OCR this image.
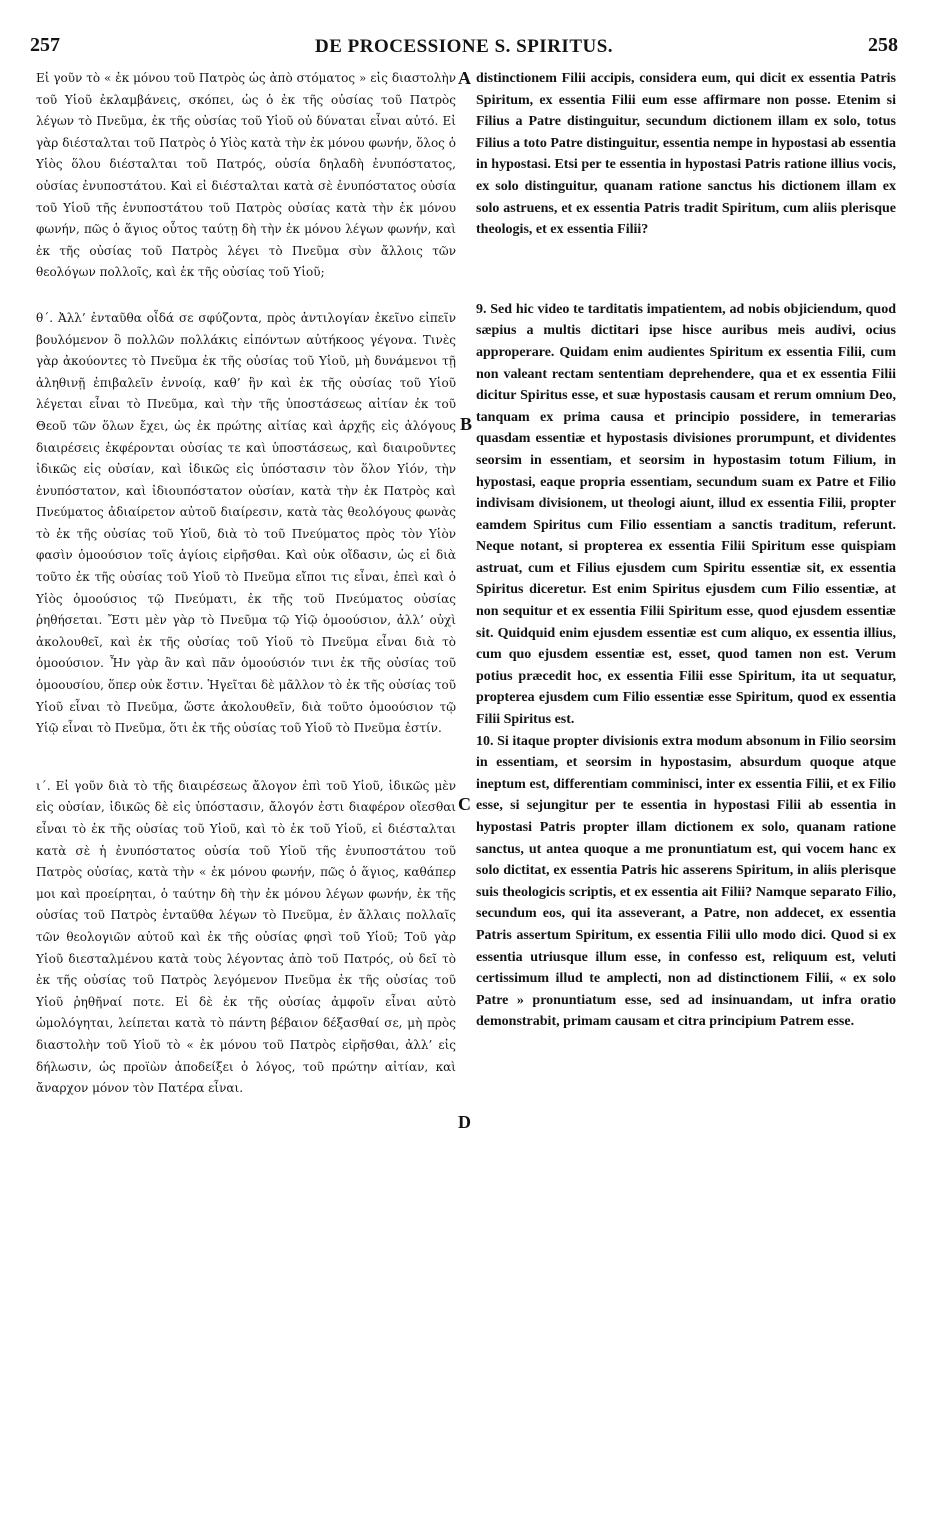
257	DE PROCESSIONE S. SPIRITUS.	258

Εἰ γοῦν τὸ « ἐκ μόνου τοῦ Πατρὸς ὡς ἀπὸ στόματος » εἰς διαστολὴν τοῦ Υἱοῦ ἐκλαμβάνεις, σκόπει, ὡς ὁ ἐκ τῆς οὐσίας τοῦ Πατρὸς λέγων τὸ Πνεῦμα, ἐκ τῆς οὐσίας τοῦ Υἱοῦ οὐ δύναται εἶναι αὐτό. Εἰ γὰρ διέσταλται τοῦ Πατρὸς ὁ Υἱὸς κατὰ τὴν ἐκ μόνου φωνήν, ὅλος ὁ Υἱὸς ὅλου διέσταλται τοῦ Πατρός, οὐσία δηλαδὴ ἐνυπόστατος, οὐσίας ἐνυποστάτου. Καὶ εἰ διέσταλται κατὰ σὲ ἐνυπόστατος οὐσία τοῦ Υἱοῦ τῆς ἐνυποστάτου τοῦ Πατρὸς οὐσίας κατὰ τὴν ἐκ μόνου φωνήν, πῶς ὁ ἅγιος οὗτος ταύτῃ δὴ τὴν ἐκ μόνου λέγων φωνήν, καὶ ἐκ τῆς οὐσίας τοῦ Πατρὸς λέγει τὸ Πνεῦμα σὺν ἄλλοις τῶν θεολόγων πολλοῖς, καὶ ἐκ τῆς οὐσίας τοῦ Υἱοῦ;

θ΄. Ἀλλ’ ἐνταῦθα οἶδά σε σφύζοντα, πρὸς ἀντιλογίαν ἐκεῖνο εἰπεῖν βουλόμενον ὃ πολλῶν πολλάκις εἰπόντων αὐτήκοος γέγονα. Τινὲς γὰρ ἀκούοντες τὸ Πνεῦμα ἐκ τῆς οὐσίας τοῦ Υἱοῦ, μὴ δυνάμενοι τῇ ἀληθινῇ ἐπιβαλεῖν ἐννοίᾳ, καθ’ ἣν καὶ ἐκ τῆς οὐσίας τοῦ Υἱοῦ λέγεται εἶναι τὸ Πνεῦμα, καὶ τὴν τῆς ὑποστάσεως αἰτίαν ἐκ τοῦ Θεοῦ τῶν ὅλων ἔχει, ὡς ἐκ πρώτης αἰτίας καὶ ἀρχῆς εἰς ἀλόγους διαιρέσεις ἐκφέρονται οὐσίας τε καὶ ὑποστάσεως, καὶ διαιροῦντες ἰδικῶς εἰς οὐσίαν, καὶ ἰδικῶς εἰς ὑπόστασιν τὸν ὅλον Υἱόν, τὴν ἐνυπόστατον, καὶ ἰδιουπόστατον οὐσίαν, κατὰ τὴν ἐκ Πατρὸς καὶ Πνεύματος ἀδιαίρετον αὐτοῦ διαίρεσιν, κατὰ τὰς θεολόγους φωνὰς τὸ ἐκ τῆς οὐσίας τοῦ Υἱοῦ, διὰ τὸ τοῦ Πνεύματος πρὸς τὸν Υἱὸν φασὶν ὁμοούσιον τοῖς ἁγίοις εἰρῆσθαι. Καὶ οὐκ οἴδασιν, ὡς εἰ διὰ τοῦτο ἐκ τῆς οὐσίας τοῦ Υἱοῦ τὸ Πνεῦμα εἴποι τις εἶναι, ἐπεὶ καὶ ὁ Υἱὸς ὁμοούσιος τῷ Πνεύματι, ἐκ τῆς τοῦ Πνεύματος οὐσίας ῥηθήσεται. Ἔστι μὲν γὰρ τὸ Πνεῦμα τῷ Υἱῷ ὁμοούσιον, ἀλλ’ οὐχὶ ἀκολουθεῖ, καὶ ἐκ τῆς οὐσίας τοῦ Υἱοῦ τὸ Πνεῦμα εἶναι διὰ τὸ ὁμοούσιον. Ἦν γὰρ ἂν καὶ πᾶν ὁμοούσιόν τινι ἐκ τῆς οὐσίας τοῦ ὁμοουσίου, ὅπερ οὐκ ἔστιν. Ἡγεῖται δὲ μᾶλλον τὸ ἐκ τῆς οὐσίας τοῦ Υἱοῦ εἶναι τὸ Πνεῦμα, ὥστε ἀκολουθεῖν, διὰ τοῦτο ὁμοούσιον τῷ Υἱῷ εἶναι τὸ Πνεῦμα, ὅτι ἐκ τῆς οὐσίας τοῦ Υἱοῦ τὸ Πνεῦμα ἐστίν.

ι΄. Εἰ γοῦν διὰ τὸ τῆς διαιρέσεως ἄλογον ἐπὶ τοῦ Υἱοῦ, ἰδικῶς μὲν εἰς οὐσίαν, ἰδικῶς δὲ εἰς ὑπόστασιν, ἄλογόν ἐστι διαφέρον οἴεσθαι εἶναι τὸ ἐκ τῆς οὐσίας τοῦ Υἱοῦ, καὶ τὸ ἐκ τοῦ Υἱοῦ, εἰ διέσταλται κατὰ σὲ ἡ ἐνυπόστατος οὐσία τοῦ Υἱοῦ τῆς ἐνυποστάτου τοῦ Πατρὸς οὐσίας, κατὰ τὴν « ἐκ μόνου φωνήν, πῶς ὁ ἅγιος, καθάπερ μοι καὶ προείρηται, ὁ ταύτην δὴ τὴν ἐκ μόνου λέγων φωνήν, ἐκ τῆς οὐσίας τοῦ Πατρὸς ἐνταῦθα λέγων τὸ Πνεῦμα, ἐν ἄλλαις πολλαῖς τῶν θεολογιῶν αὐτοῦ καὶ ἐκ τῆς οὐσίας φησὶ τοῦ Υἱοῦ; Τοῦ γὰρ Υἱοῦ διεσταλμένου κατὰ τοὺς λέγοντας ἀπὸ τοῦ Πατρός, οὐ δεῖ τὸ ἐκ τῆς οὐσίας τοῦ Πατρὸς λεγόμενον Πνεῦμα ἐκ τῆς οὐσίας τοῦ Υἱοῦ ῥηθῆναί ποτε. Εἰ δὲ ἐκ τῆς οὐσίας ἀμφοῖν εἶναι αὐτὸ ὡμολόγηται, λείπεται κατὰ τὸ πάντη βέβαιον δέξασθαί σε, μὴ πρὸς διαστολὴν τοῦ Υἱοῦ τὸ « ἐκ μόνου τοῦ Πατρὸς εἰρῆσθαι, ἀλλ’ εἰς δήλωσιν, ὡς προϊὼν ἀποδείξει ὁ λόγος, τοῦ πρώτην αἰτίαν, καὶ ἄναρχον μόνον τὸν Πατέρα εἶναι.

A
B
C
D

distinctionem Filii accipis, considera eum, qui dicit ex essentia Patris Spiritum, ex essentia Filii eum esse affirmare non posse. Etenim si Filius a Patre distinguitur, secundum dictionem illam ex solo, totus Filius a toto Patre distinguitur, essentia nempe in hypostasi ab essentia in hypostasi. Etsi per te essentia in hypostasi Patris ratione illius vocis, ex solo distinguitur, quanam ratione sanctus his dictionem illam ex solo astruens, et ex essentia Patris tradit Spiritum, cum aliis plerisque theologis, et ex essentia Filii?

9. Sed hic video te tarditatis impatientem, ad nobis objiciendum, quod sæpius a multis dictitari ipse hisce auribus meis audivi, ocius approperare. Quidam enim audientes Spiritum ex essentia Filii, cum non valeant rectam sententiam deprehendere, qua et ex essentia Filii dicitur Spiritus esse, et suæ hypostasis causam et rerum omnium Deo, tanquam ex prima causa et principio possidere, in temerarias quasdam essentiæ et hypostasis divisiones prorumpunt, et dividentes seorsim in essentiam, et seorsim in hypostasim totum Filium, in hypostasi, eaque propria essentiam, secundum suam ex Patre et Filio indivisam divisionem, ut theologi aiunt, illud ex essentia Filii, propter eamdem Spiritus cum Filio essentiam a sanctis traditum, referunt. Neque notant, si propterea ex essentia Filii Spiritum esse quispiam astruat, cum et Filius ejusdem cum Spiritu essentiæ sit, ex essentia Spiritus diceretur. Est enim Spiritus ejusdem cum Filio essentiæ, at non sequitur et ex essentia Filii Spiritum esse, quod ejusdem essentiæ sit. Quidquid enim ejusdem essentiæ est cum aliquo, ex essentia illius, cum quo ejusdem essentiæ est, esset, quod tamen non est. Verum potius præcedit hoc, ex essentia Filii esse Spiritum, ita ut sequatur, propterea ejusdem cum Filio essentiæ esse Spiritum, quod ex essentia Filii Spiritus est.

10. Si itaque propter divisionis extra modum absonum in Filio seorsim in essentiam, et seorsim in hypostasim, absurdum quoque atque ineptum est, differentiam comminisci, inter ex essentia Filii, et ex Filio esse, si sejungitur per te essentia in hypostasi Filii ab essentia in hypostasi Patris propter illam dictionem ex solo, quanam ratione sanctus, ut antea quoque a me pronuntiatum est, qui vocem hanc ex solo dictitat, ex essentia Patris hic asserens Spiritum, in aliis plerisque suis theologicis scriptis, et ex essentia ait Filii? Namque separato Filio, secundum eos, qui ita asseverant, a Patre, non addecet, ex essentia Patris assertum Spiritum, ex essentia Filii ullo modo dici. Quod si ex essentia utriusque illum esse, in confesso est, reliquum est, veluti certissimum illud te amplecti, non ad distinctionem Filii, « ex solo Patre » pronuntiatum esse, sed ad insinuandam, ut infra oratio demonstrabit, primam causam et citra principium Patrem esse.
